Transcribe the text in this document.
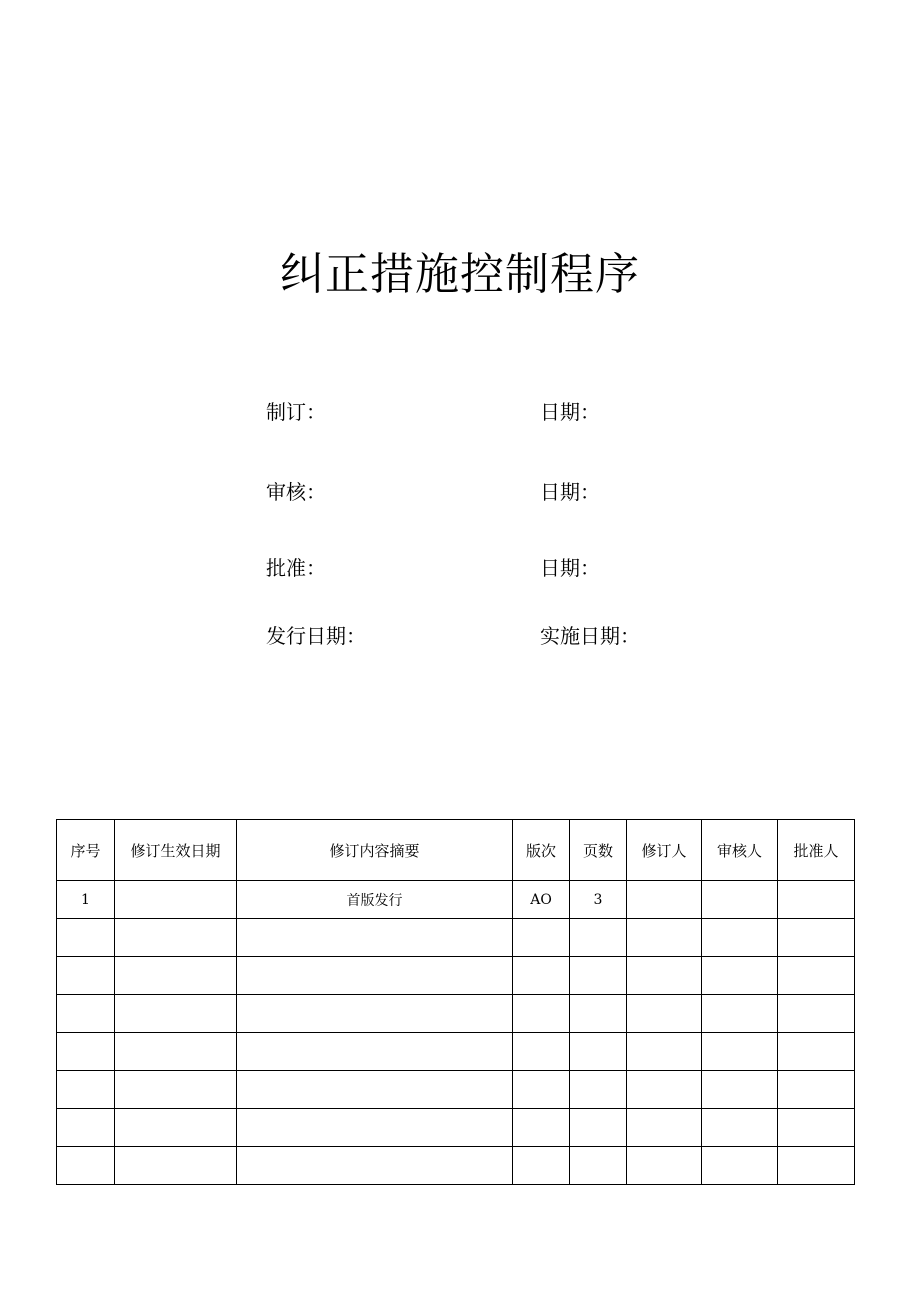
纠正措施控制程序
制订：	日期：
审核：	日期：
批准：	日期：
发行日期：	实施日期：
序号	修订生效日期	修订内容摘要	版次	页数	修订人	审核人	批准人
1		首版发行	AO	3			
